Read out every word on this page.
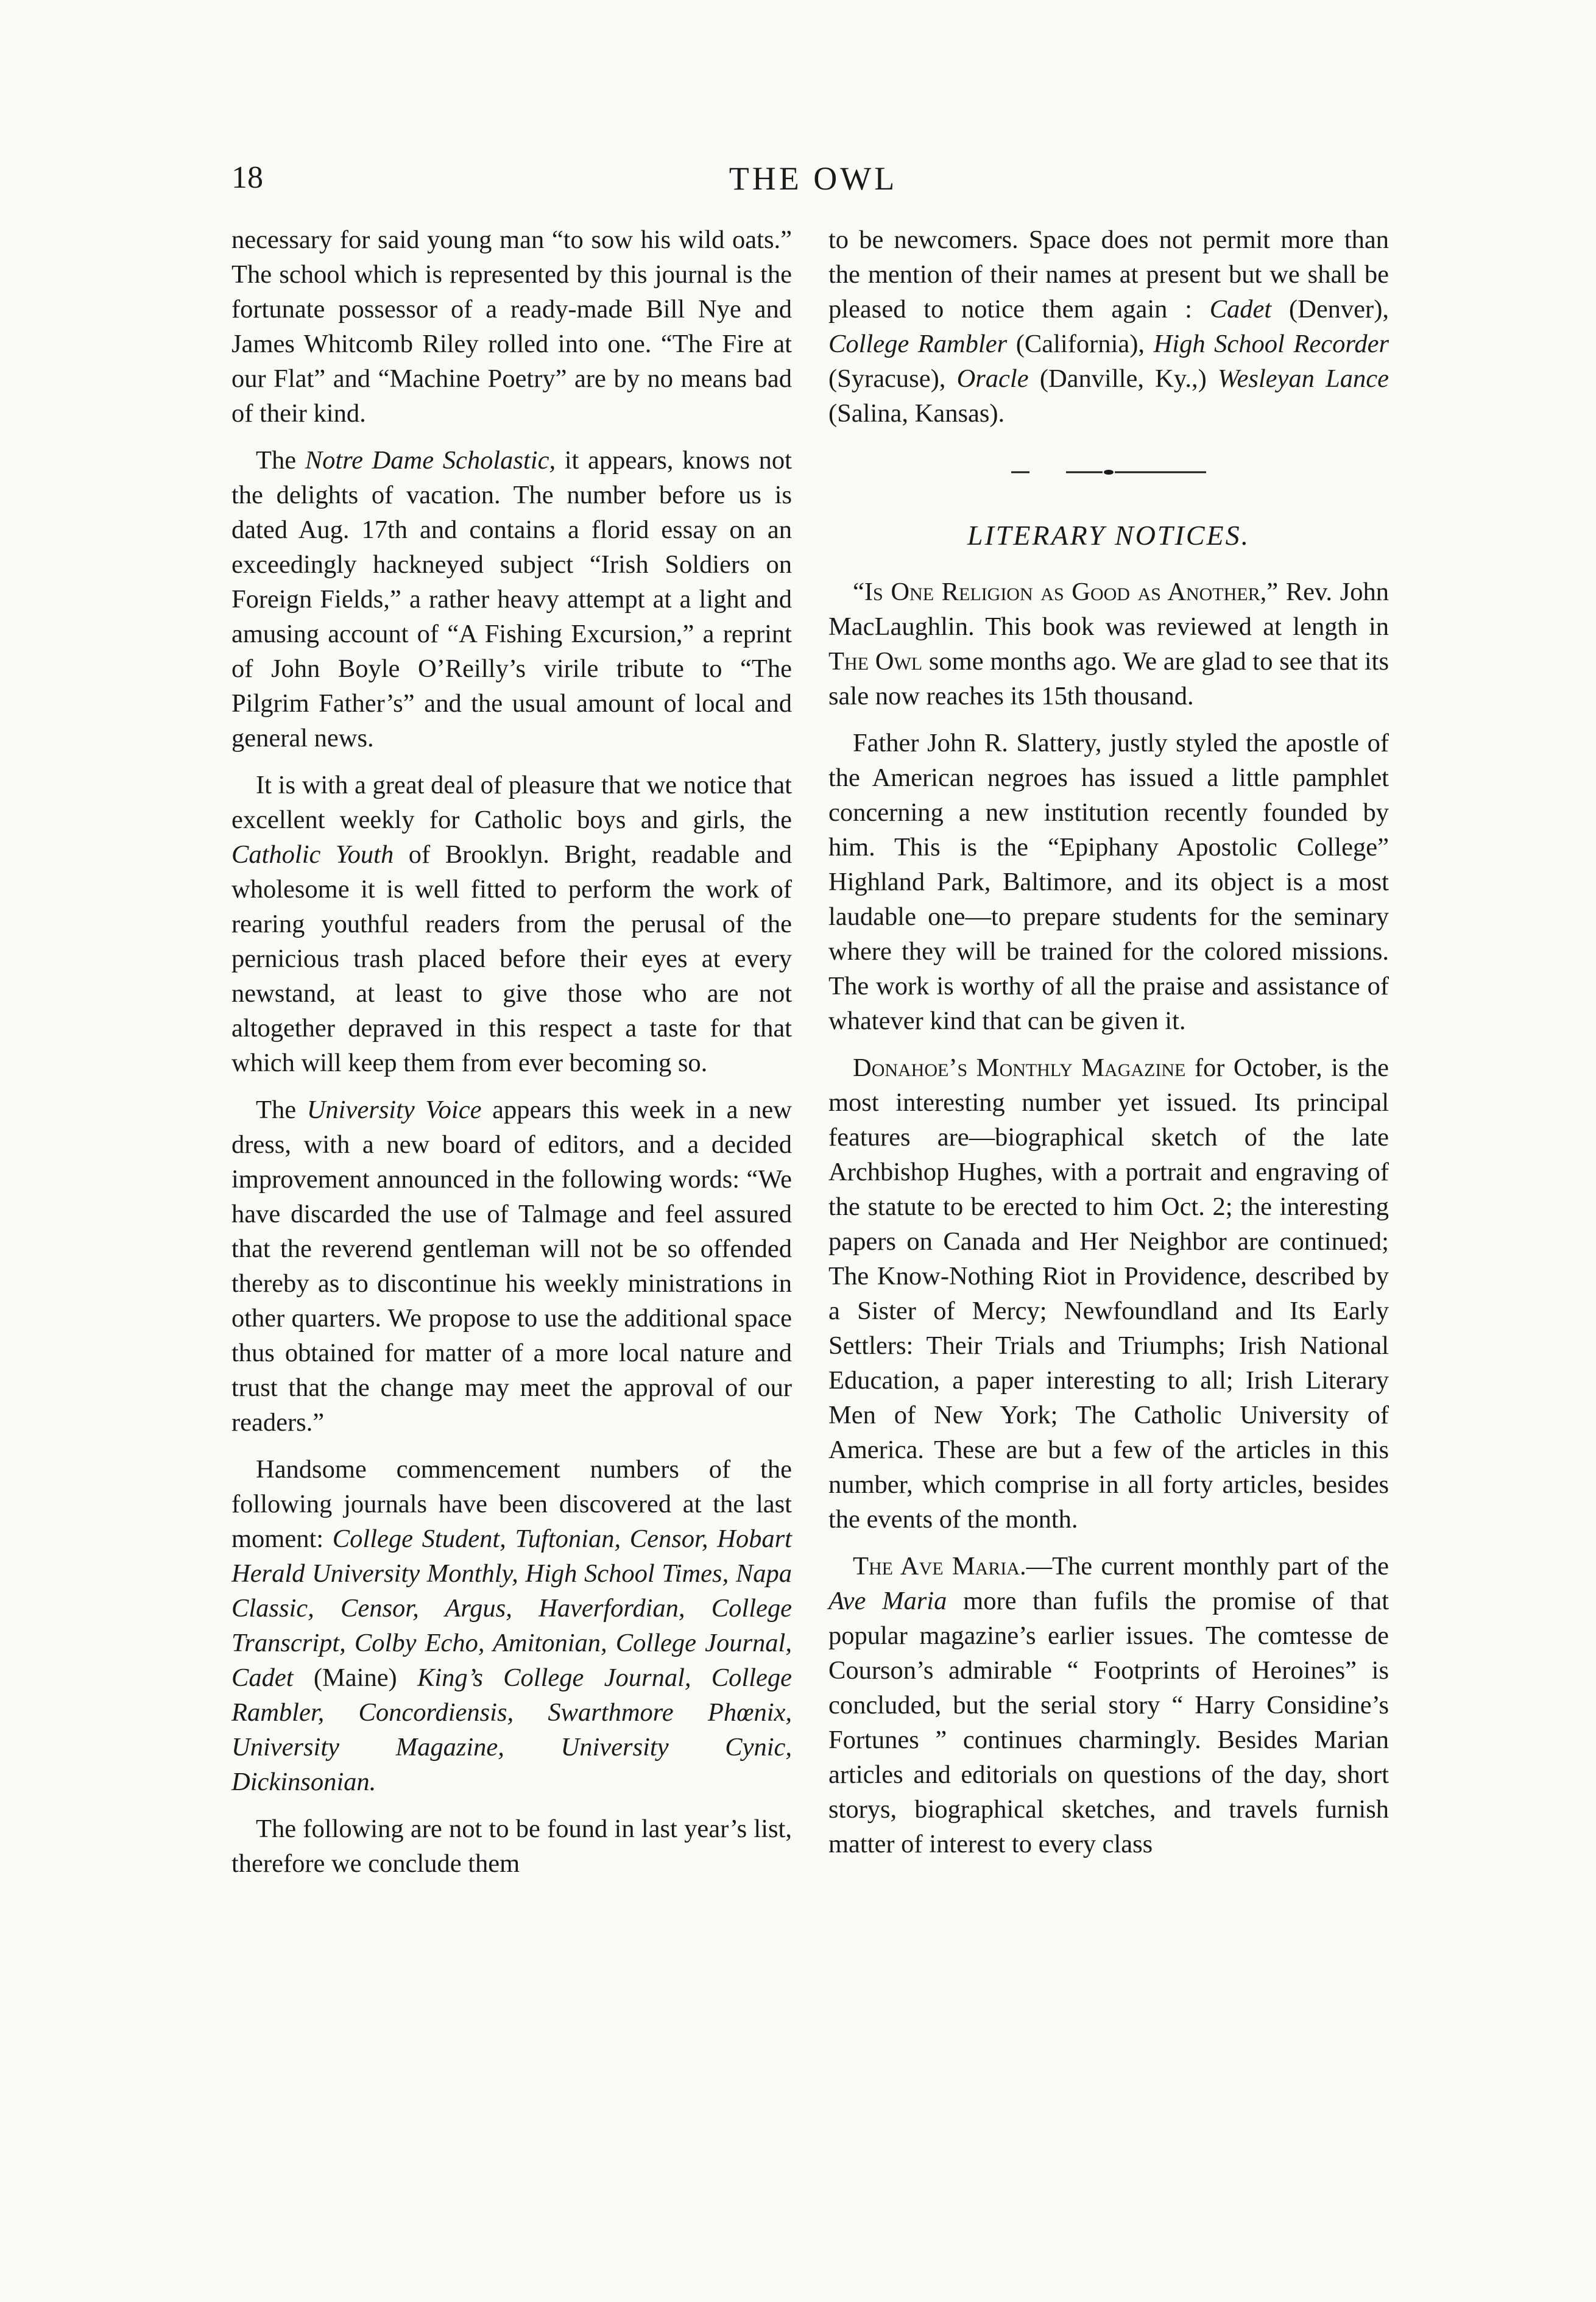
18	THE OWL

necessary for said young man “to sow his wild oats.” The school which is represented by this journal is the fortunate possessor of a ready-made Bill Nye and James Whitcomb Riley rolled into one. “The Fire at our Flat” and “Machine Poetry” are by no means bad of their kind.

The Notre Dame Scholastic, it appears, knows not the delights of vacation. The number before us is dated Aug. 17th and contains a florid essay on an exceedingly hackneyed subject “Irish Soldiers on Foreign Fields,” a rather heavy attempt at a light and amusing account of “A Fishing Excursion,” a reprint of John Boyle O’Reilly’s virile tribute to “The Pilgrim Father’s” and the usual amount of local and general news.

It is with a great deal of pleasure that we notice that excellent weekly for Catholic boys and girls, the Catholic Youth of Brooklyn. Bright, readable and wholesome it is well fitted to perform the work of rearing youthful readers from the perusal of the pernicious trash placed before their eyes at every newstand, at least to give those who are not altogether depraved in this respect a taste for that which will keep them from ever becoming so.

The University Voice appears this week in a new dress, with a new board of editors, and a decided improvement announced in the following words: “We have discarded the use of Talmage and feel assured that the reverend gentleman will not be so offended thereby as to discontinue his weekly ministrations in other quarters. We propose to use the additional space thus obtained for matter of a more local nature and trust that the change may meet the approval of our readers.”

Handsome commencement numbers of the following journals have been discovered at the last moment: College Student, Tuftonian, Censor, Hobart Herald University Monthly, High School Times, Napa Classic, Censor, Argus, Haverfordian, College Transcript, Colby Echo, Amitonian, College Journal, Cadet (Maine) King’s College Journal, College Rambler, Concordiensis, Swarthmore Phœnix, University Magazine, University Cynic, Dickinsonian.

The following are not to be found in last year’s list, therefore we conclude them

to be newcomers. Space does not permit more than the mention of their names at present but we shall be pleased to notice them again : Cadet (Denver), College Rambler (California), High School Recorder (Syracuse), Oracle (Danville, Ky.,) Wesleyan Lance (Salina, Kansas).

LITERARY NOTICES.

“Is One Religion as Good as Another,” Rev. John MacLaughlin. This book was reviewed at length in The Owl some months ago. We are glad to see that its sale now reaches its 15th thousand.

Father John R. Slattery, justly styled the apostle of the American negroes has issued a little pamphlet concerning a new institution recently founded by him. This is the “Epiphany Apostolic College” Highland Park, Baltimore, and its object is a most laudable one—to prepare students for the seminary where they will be trained for the colored missions. The work is worthy of all the praise and assistance of whatever kind that can be given it.

Donahoe’s Monthly Magazine for October, is the most interesting number yet issued. Its principal features are—biographical sketch of the late Archbishop Hughes, with a portrait and engraving of the statute to be erected to him Oct. 2; the interesting papers on Canada and Her Neighbor are continued; The Know-Nothing Riot in Providence, described by a Sister of Mercy; Newfoundland and Its Early Settlers: Their Trials and Triumphs; Irish National Education, a paper interesting to all; Irish Literary Men of New York; The Catholic University of America. These are but a few of the articles in this number, which comprise in all forty articles, besides the events of the month.

The Ave Maria.—The current monthly part of the Ave Maria more than fufils the promise of that popular magazine’s earlier issues. The comtesse de Courson’s admirable “ Footprints of Heroines” is concluded, but the serial story “ Harry Considine’s Fortunes ” continues charmingly. Besides Marian articles and editorials on questions of the day, short storys, biographical sketches, and travels furnish matter of interest to every class
